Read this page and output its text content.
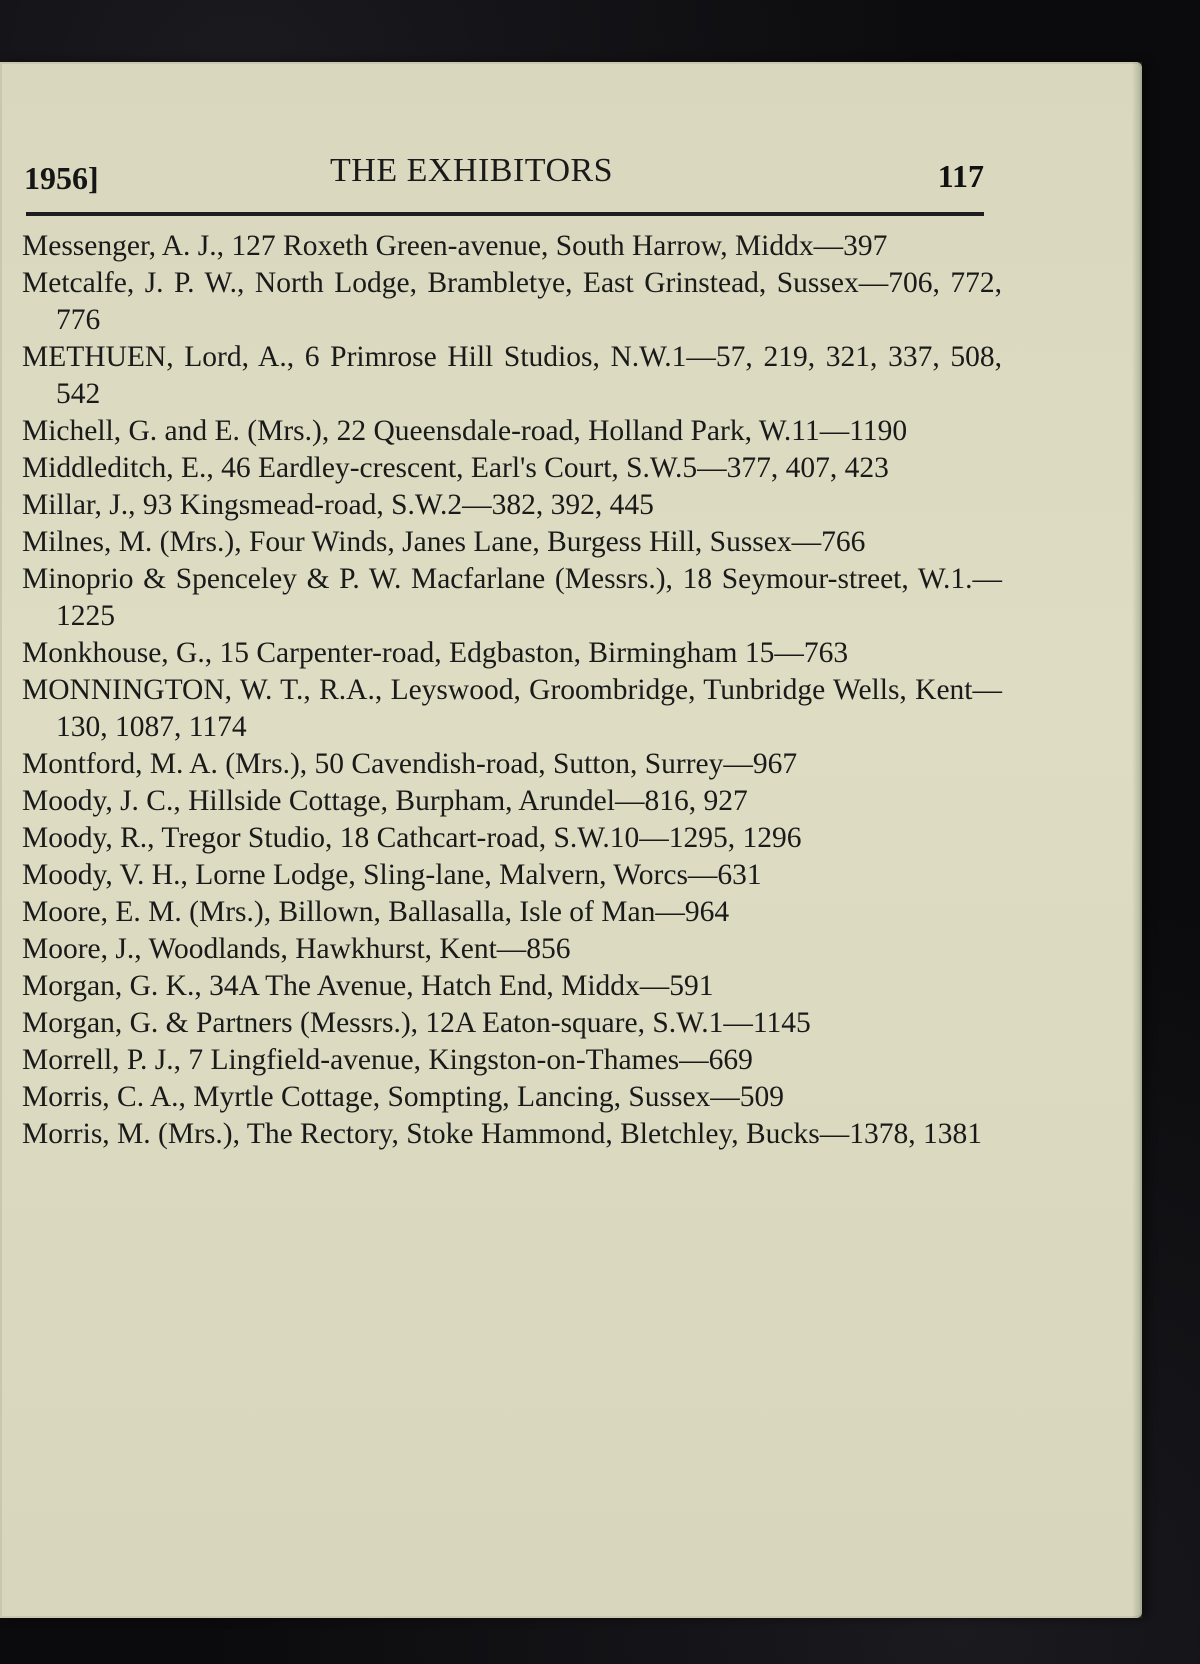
1956]	THE EXHIBITORS	117
Messenger, A. J., 127 Roxeth Green-avenue, South Harrow, Middx—397
Metcalfe, J. P. W., North Lodge, Brambletye, East Grinstead, Sussex—706, 772, 776
METHUEN, Lord, A., 6 Primrose Hill Studios, N.W.1—57, 219, 321, 337, 508, 542
Michell, G. and E. (Mrs.), 22 Queensdale-road, Holland Park, W.11—1190
Middleditch, E., 46 Eardley-crescent, Earl's Court, S.W.5—377, 407, 423
Millar, J., 93 Kingsmead-road, S.W.2—382, 392, 445
Milnes, M. (Mrs.), Four Winds, Janes Lane, Burgess Hill, Sussex—766
Minoprio & Spenceley & P. W. Macfarlane (Messrs.), 18 Seymour-street, W.1.—1225
Monkhouse, G., 15 Carpenter-road, Edgbaston, Birmingham 15—763
MONNINGTON, W. T., R.A., Leyswood, Groombridge, Tunbridge Wells, Kent—130, 1087, 1174
Montford, M. A. (Mrs.), 50 Cavendish-road, Sutton, Surrey—967
Moody, J. C., Hillside Cottage, Burpham, Arundel—816, 927
Moody, R., Tregor Studio, 18 Cathcart-road, S.W.10—1295, 1296
Moody, V. H., Lorne Lodge, Sling-lane, Malvern, Worcs—631
Moore, E. M. (Mrs.), Billown, Ballasalla, Isle of Man—964
Moore, J., Woodlands, Hawkhurst, Kent—856
Morgan, G. K., 34A The Avenue, Hatch End, Middx—591
Morgan, G. & Partners (Messrs.), 12A Eaton-square, S.W.1—1145
Morrell, P. J., 7 Lingfield-avenue, Kingston-on-Thames—669
Morris, C. A., Myrtle Cottage, Sompting, Lancing, Sussex—509
Morris, M. (Mrs.), The Rectory, Stoke Hammond, Bletchley, Bucks—1378, 1381
